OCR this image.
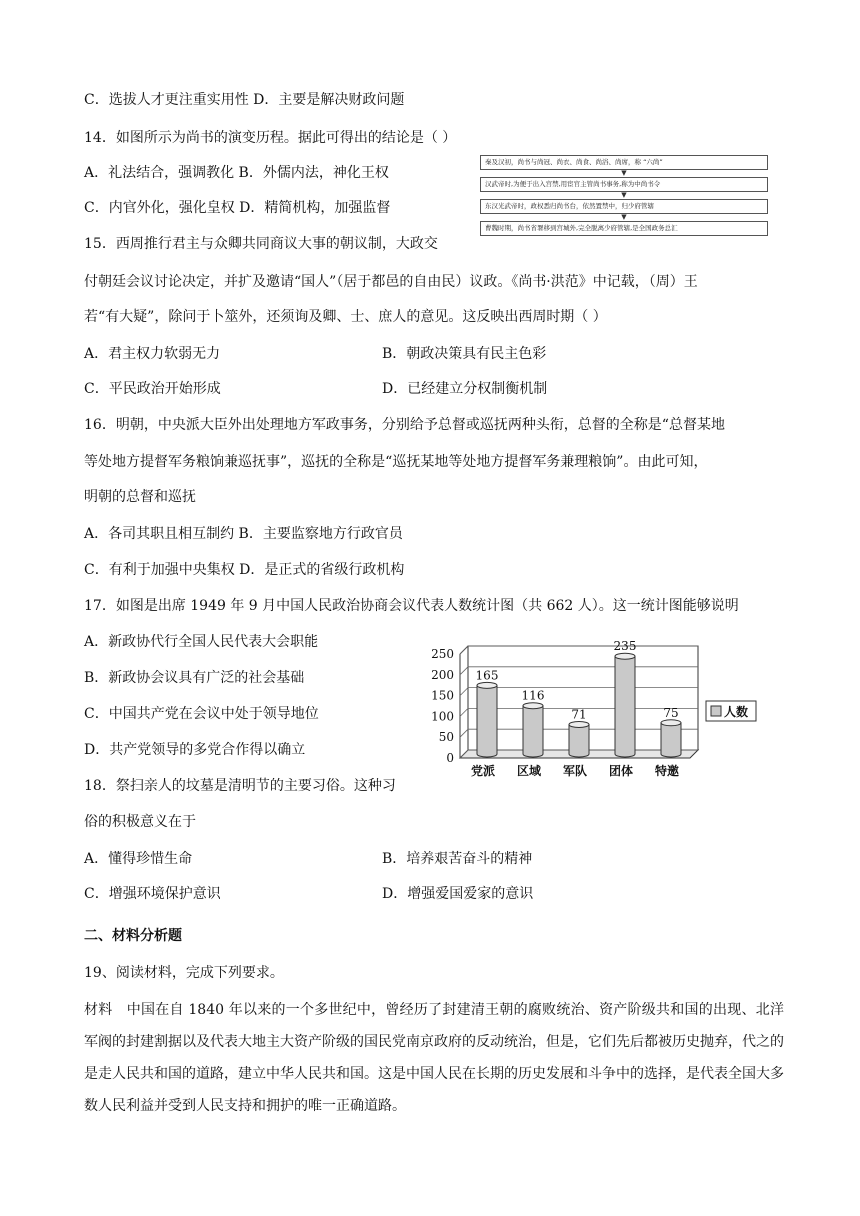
C．选拔人才更注重实用性 D．主要是解决财政问题
14．如图所示为尚书的演变历程。据此可得出的结论是（ ）
A．礼法结合，强调教化 B．外儒内法，神化王权
C．内官外化，强化皇权 D．精简机构，加强监督
秦及汉初，尚书与尚冠、尚衣、尚食、尚浴、尚席，称 “六尚”
▼
汉武帝时,为便于出入宫禁,用宦官主管尚书事务,称为中尚书令
▼
东汉光武帝时，政权悉归尚书台，依然置禁中，归少府管辖
▼
曹魏时期，尚书省署移到宫城外,完全脱离少府管辖,是全国政务总汇
15．西周推行君主与众卿共同商议大事的朝议制，大政交
付朝廷会议讨论决定，并扩及邀请“国人”（居于都邑的自由民）议政。《尚书·洪范》中记载，（周）王
若“有大疑”，除问于卜筮外，还须询及卿、士、庶人的意见。这反映出西周时期（ ）
A．君主权力软弱无力	B．朝政决策具有民主色彩
C．平民政治开始形成	D．已经建立分权制衡机制
16．明朝，中央派大臣外出处理地方军政事务，分别给予总督或巡抚两种头衔，总督的全称是“总督某地
等处地方提督军务粮饷兼巡抚事”，巡抚的全称是“巡抚某地等处地方提督军务兼理粮饷”。由此可知，
明朝的总督和巡抚
A．各司其职且相互制约 B．主要监察地方行政官员
C．有利于加强中央集权 D．是正式的省级行政机构
17．如图是出席 1949 年 9 月中国人民政治协商会议代表人数统计图（共 662 人）。这一统计图能够说明
A．新政协代行全国人民代表大会职能
B．新政协会议具有广泛的社会基础
C．中国共产党在会议中处于领导地位
D．共产党领导的多党合作得以确立	0
50
100
150
200
250
165
116
71
235
75
党派 区域 军队 团体 特邀
人数
18．祭扫亲人的坟墓是清明节的主要习俗。这种习
俗的积极意义在于
A．懂得珍惜生命	B．培养艰苦奋斗的精神
C．增强环境保护意识	D．增强爱国爱家的意识
二、材料分析题
19、阅读材料，完成下列要求。
材料　中国在自 1840 年以来的一个多世纪中，曾经历了封建清王朝的腐败统治、资产阶级共和国的出现、北洋军阀的封建割据以及代表大地主大资产阶级的国民党南京政府的反动统治，但是，它们先后都被历史抛弃，代之的是走人民共和国的道路，建立中华人民共和国。这是中国人民在长期的历史发展和斗争中的选择，是代表全国大多数人民利益并受到人民支持和拥护的唯一正确道路。
